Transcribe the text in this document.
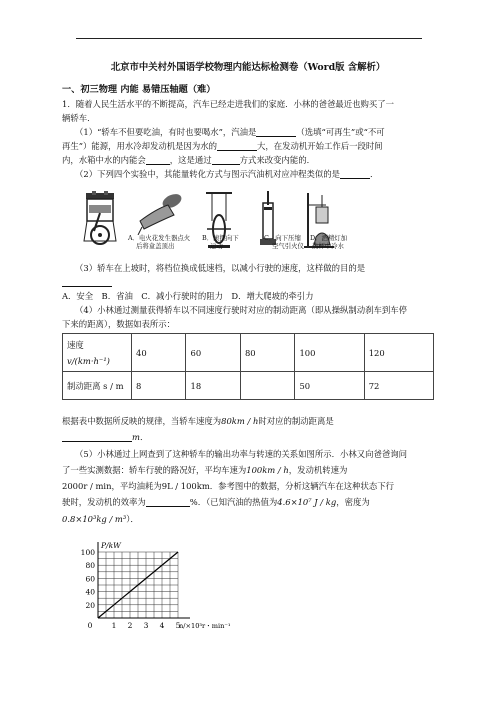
北京市中关村外国语学校物理内能达标检测卷（Word版 含解析）
一、初三物理 内能 易错压轴题（难）
1．随着人民生活水平的不断提高，汽车已经走进我们的家庭．小林的爸爸最近也购买了一
辆轿车．
（1）“轿车不但要吃油，有时也要喝水”，汽油是	（选填“可再生”或“不可
再生”）能源，用水冷却发动机是因为水的	大，在发动机开始工作后一段时间
内，水箱中水的内能会	，这是通过	方式来改变内能的．
（2）下列四个实验中，其能量转化方式与图示汽油机对应冲程类似的是	．
A．电火花发生器点火
后将盒盖顶出
B．滚摆向下
运动
C．向下压缩
空气引火仪
D．酒精灯加
热杯中冷水
（3）轿车在上坡时，将档位换成低速档，以减小行驶的速度，这样做的目的是
A．安全　B．省油　C．减小行驶时的阻力　D．增大爬坡的牵引力
（4）小林通过测量获得轿车以不同速度行驶时对应的制动距离（即从操纵制动刹车到车停
下来的距离），数据如表所示：
速度
v/(km·h⁻¹)	40	60	80	100	120
制动距离 s / m	8	18		50	72
根据表中数据所反映的规律，当轿车速度为80km / h时对应的制动距离是
m．
（5）小林通过上网查到了这种轿车的输出功率与转速的关系如图所示．小林又向爸爸询问
了一些实测数据：轿车行驶的路况好，平均车速为100km / h，发动机转速为
2000r / min，平均油耗为9L / 100km．参考图中的数据，分析这辆汽车在这种状态下行
驶时，发动机的效率为	%．（已知汽油的热值为4.6×10⁷ J / kg，密度为
0.8×10³kg / m³）．
20
40
60
80
100
0	1 2 3 4 5
P/kW
n/×10³r・min⁻¹
